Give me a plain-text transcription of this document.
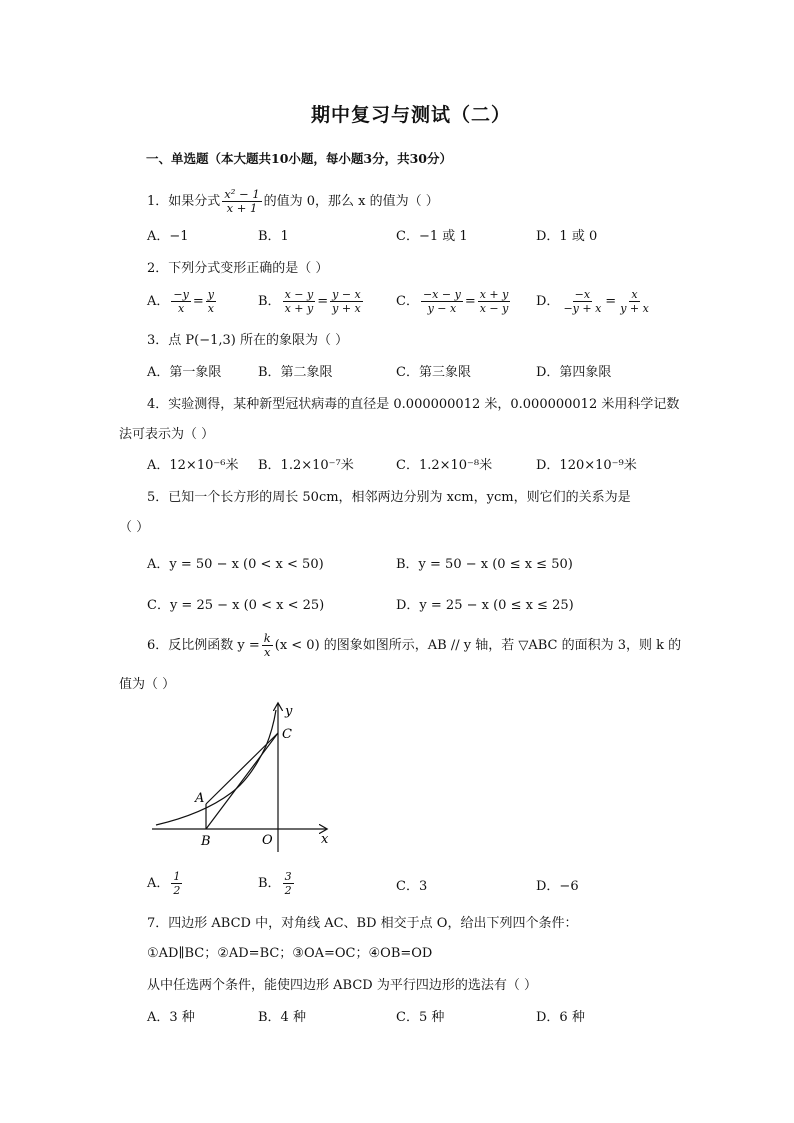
期中复习与测试（二）
一、单选题（本大题共10小题，每小题3分，共30分）
1．如果分式 $\frac{\text{x² − 1}}{x + 1}$ 的值为 0，那么 x 的值为（ ）
A．−1	B．1	C．−1 或 1	D．1 或 0
2．下列分式变形正确的是（ ）
A． $\frac{-y}{x} = \frac{y}{x}$	B． $\frac{x - y}{x + y} = \frac{y - x}{y + x}$	C． $\frac{-x - y}{y - x} = \frac{x + y}{x - y}$ D． $\frac{-x}{-y + x} = \frac{x}{y + x}$
3．点 P(−1,3) 所在的象限为（ ）
A．第一象限	B．第二象限	C．第三象限	D．第四象限
4．实验测得，某种新型冠状病毒的直径是 0.000000012 米，0.000000012 米用科学记数
法可表示为（ ）
A．12×10⁻⁶米 B．1.2×10⁻⁷米	C．1.2×10⁻⁸米	D．120×10⁻⁹米
5．已知一个长方形的周长 50cm，相邻两边分别为 xcm，ycm，则它们的关系为是
（ ）
A．y = 50 − x (0 < x < 50)	B．y = 50 − x (0 ≤ x ≤ 50)
C．y = 25 − x (0 < x < 25)	D．y = 25 − x (0 ≤ x ≤ 25)
6．反比例函数 $y = \frac{k}{x} (x < 0)$ 的图象如图所示，AB // y 轴，若 ▽ABC 的面积为 3，则 k 的
值为（ ）
y
x
C
A
B	O
A． $\frac{1}{2}$	B． $\frac{3}{2}$	C．3	D．−6
7．四边形 ABCD 中，对角线 AC、BD 相交于点 O，给出下列四个条件：
①AD∥BC；②AD=BC；③OA=OC；④OB=OD
从中任选两个条件，能使四边形 ABCD 为平行四边形的选法有（ ）
A．3 种	B．4 种	C．5 种	D．6 种
